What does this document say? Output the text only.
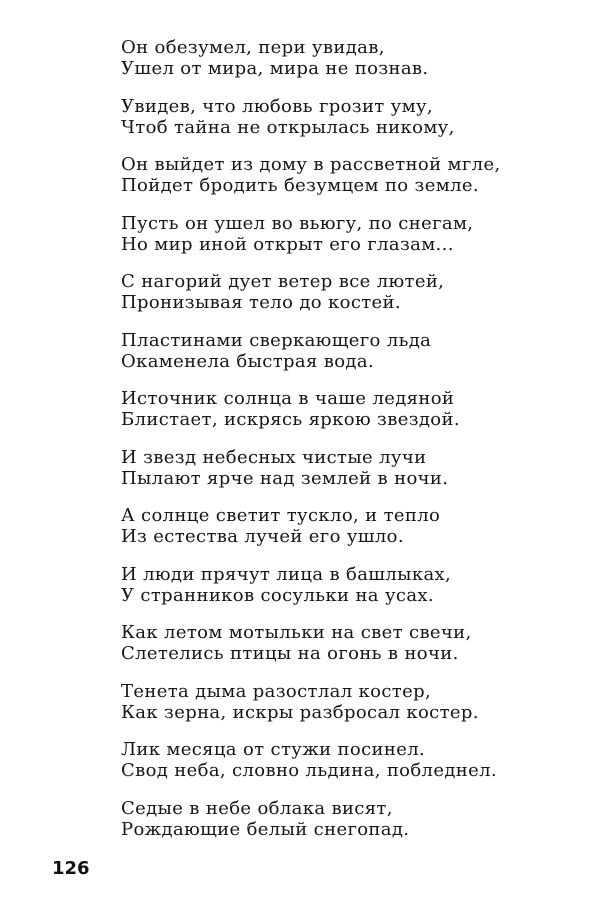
Он обезумел, пери увидав,
Ушел от мира, мира не познав.
Увидев, что любовь грозит уму,
Чтоб тайна не открылась никому,
Он выйдет из дому в рассветной мгле,
Пойдет бродить безумцем по земле.
Пусть он ушел во вьюгу, по снегам,
Но мир иной открыт его глазам...
С нагорий дует ветер все лютей,
Пронизывая тело до костей.
Пластинами сверкающего льда
Окаменела быстрая вода.
Источник солнца в чаше ледяной
Блистает, искрясь яркою звездой.
И звезд небесных чистые лучи
Пылают ярче над землей в ночи.
А солнце светит тускло, и тепло
Из естества лучей его ушло.
И люди прячут лица в башлыках,
У странников сосульки на усах.
Как летом мотыльки на свет свечи,
Слетелись птицы на огонь в ночи.
Тенета дыма разостлал костер,
Как зерна, искры разбросал костер.
Лик месяца от стужи посинел.
Свод неба, словно льдина, побледнел.
Седые в небе облака висят,
Рождающие белый снегопад.
126
